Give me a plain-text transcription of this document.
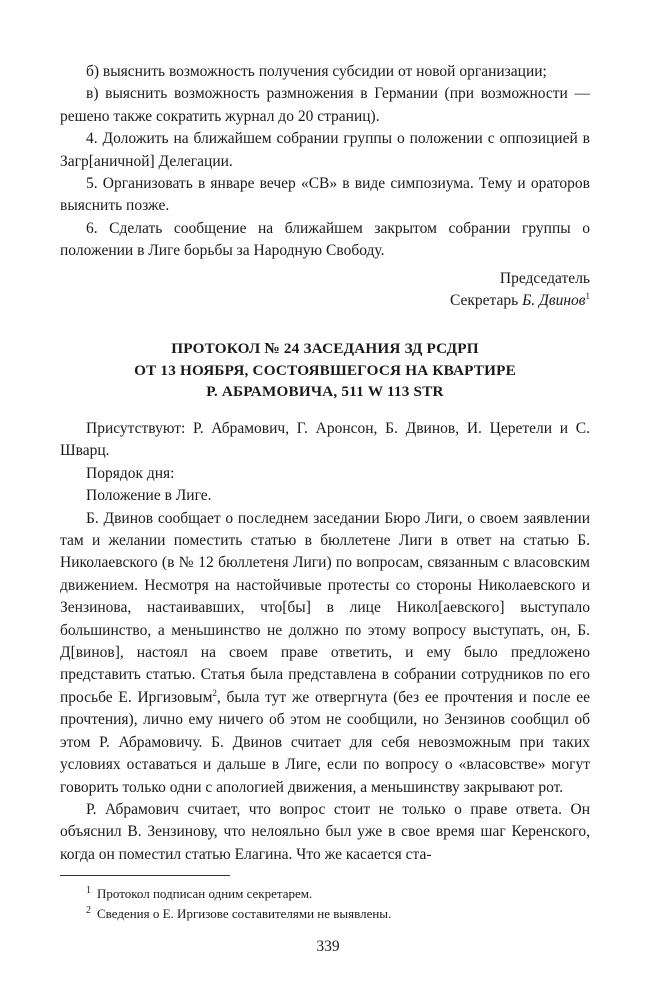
б) выяснить возможность получения субсидии от новой организации;

в) выяснить возможность размножения в Германии (при возможности — решено также сократить журнал до 20 страниц).

4. Доложить на ближайшем собрании группы о положении с оппозицией в Загр[аничной] Делегации.

5. Организовать в январе вечер «СВ» в виде симпозиума. Тему и ораторов выяснить позже.

6. Сделать сообщение на ближайшем закрытом собрании группы о положении в Лиге борьбы за Народную Свободу.

Председатель
Секретарь Б. Двинов$^1$
ПРОТОКОЛ № 24 ЗАСЕДАНИЯ ЗД РСДРП
ОТ 13 НОЯБРЯ, СОСТОЯВШЕГОСЯ НА КВАРТИРЕ
Р. АБРАМОВИЧА, 511 W 113 STR

Присутствуют: Р. Абрамович, Г. Аронсон, Б. Двинов, И. Церетели и С. Шварц.

Порядок дня:

Положение в Лиге.

Б. Двинов сообщает о последнем заседании Бюро Лиги, о своем заявлении там и желании поместить статью в бюллетене Лиги в ответ на статью Б. Николаевского (в № 12 бюллетеня Лиги) по вопросам, связанным с власовским движением. Несмотря на настойчивые протесты со стороны Николаевского и Зензинова, настаивавших, что[бы] в лице Никол[аевского] выступало большинство, а меньшинство не должно по этому вопросу выступать, он, Б. Д[винов], настоял на своем праве ответить, и ему было предложено представить статью. Статья была представлена в собрании сотрудников по его просьбе Е. Иргизовым$^2$, была тут же отвергнута (без ее прочтения и после ее прочтения), лично ему ничего об этом не сообщили, но Зензинов сообщил об этом Р. Абрамовичу. Б. Двинов считает для себя невозможным при таких условиях оставаться и дальше в Лиге, если по вопросу о «власовстве» могут говорить только одни с апологией движения, а меньшинству закрывают рот.

Р. Абрамович считает, что вопрос стоит не только о праве ответа. Он объяснил В. Зензинову, что нелояльно был уже в свое время шаг Керенского, когда он поместил статью Елагина. Что же касается ста-

$^1$ Протокол подписан одним секретарем.
$^2$ Сведения о Е. Иргизове составителями не выявлены.
339
